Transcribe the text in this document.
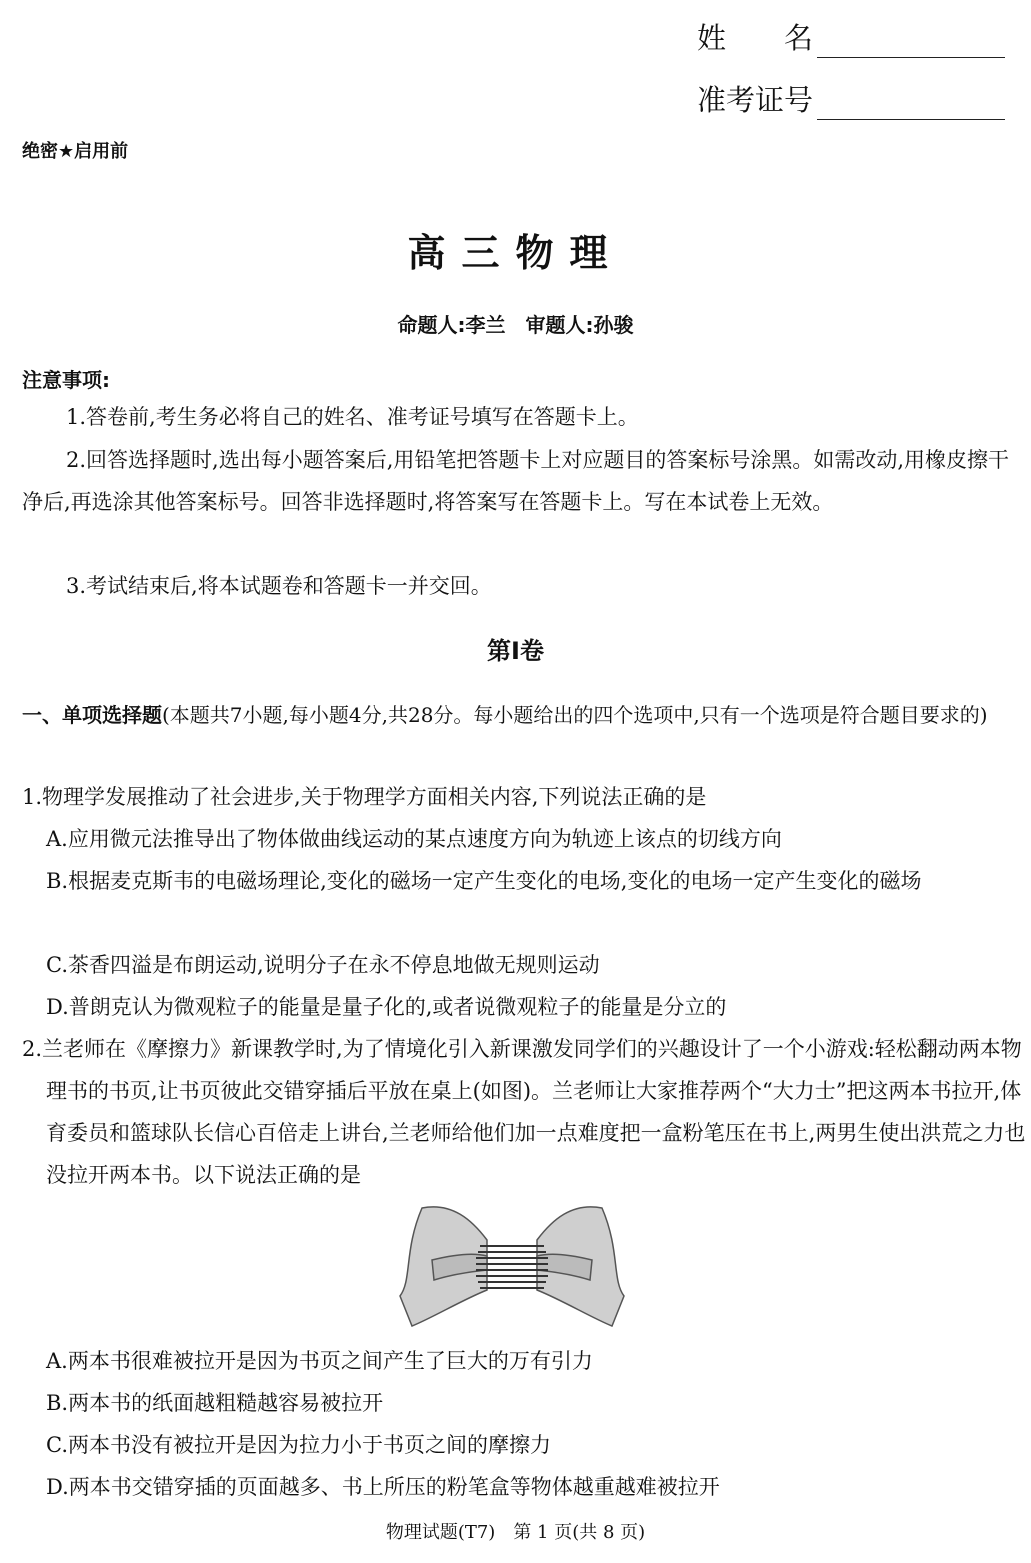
姓　　名
准考证号
绝密★启用前
高三物理
命题人:李兰　审题人:孙骏
注意事项:
1.答卷前,考生务必将自己的姓名、准考证号填写在答题卡上。
2.回答选择题时,选出每小题答案后,用铅笔把答题卡上对应题目的答案标号涂黑。如需改动,用橡皮擦干净后,再选涂其他答案标号。回答非选择题时,将答案写在答题卡上。写在本试卷上无效。
3.考试结束后,将本试题卷和答题卡一并交回。
第Ⅰ卷
一、单项选择题(本题共7小题,每小题4分,共28分。每小题给出的四个选项中,只有一个选项是符合题目要求的)
1.物理学发展推动了社会进步,关于物理学方面相关内容,下列说法正确的是
A.应用微元法推导出了物体做曲线运动的某点速度方向为轨迹上该点的切线方向
B.根据麦克斯韦的电磁场理论,变化的磁场一定产生变化的电场,变化的电场一定产生变化的磁场
C.茶香四溢是布朗运动,说明分子在永不停息地做无规则运动
D.普朗克认为微观粒子的能量是量子化的,或者说微观粒子的能量是分立的
2.兰老师在《摩擦力》新课教学时,为了情境化引入新课激发同学们的兴趣设计了一个小游戏:轻松翻动两本物理书的书页,让书页彼此交错穿插后平放在桌上(如图)。兰老师让大家推荐两个“大力士”把这两本书拉开,体育委员和篮球队长信心百倍走上讲台,兰老师给他们加一点难度把一盒粉笔压在书上,两男生使出洪荒之力也没拉开两本书。以下说法正确的是
A.两本书很难被拉开是因为书页之间产生了巨大的万有引力
B.两本书的纸面越粗糙越容易被拉开
C.两本书没有被拉开是因为拉力小于书页之间的摩擦力
D.两本书交错穿插的页面越多、书上所压的粉笔盒等物体越重越难被拉开
物理试题(T7)　第 1 页(共 8 页)
